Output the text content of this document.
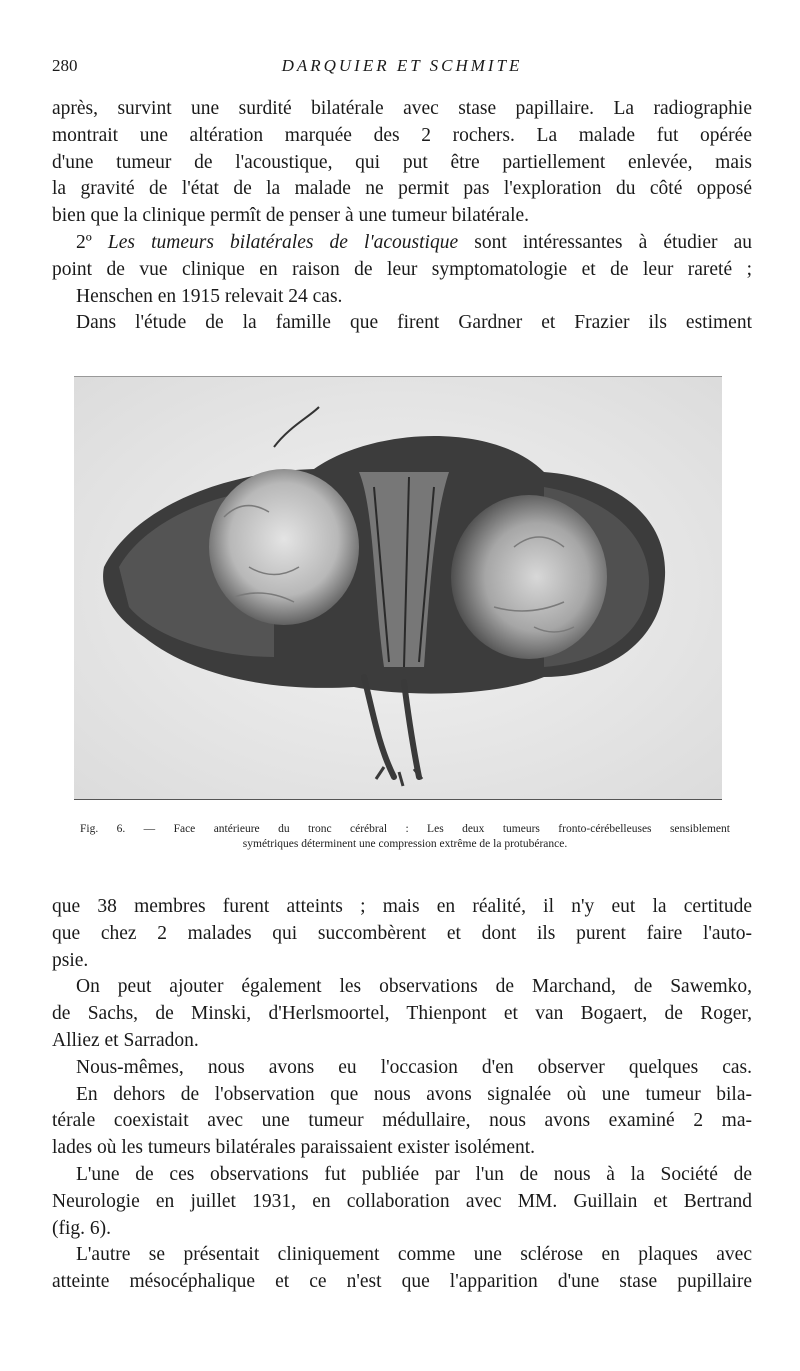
280	DARQUIER ET SCHMITE
après, survint une surdité bilatérale avec stase papillaire. La radiographie
montrait une altération marquée des 2 rochers. La malade fut opérée
d'une tumeur de l'acoustique, qui put être partiellement enlevée, mais
la gravité de l'état de la malade ne permit pas l'exploration du côté opposé
bien que la clinique permît de penser à une tumeur bilatérale.
2º Les tumeurs bilatérales de l'acoustique sont intéressantes à étudier au
point de vue clinique en raison de leur symptomatologie et de leur rareté ;
Henschen en 1915 relevait 24 cas.
Dans l'étude de la famille que firent Gardner et Frazier ils estiment
Fig. 6. — Face antérieure du tronc cérébral : Les deux tumeurs fronto-cérébelleuses sensiblement
symétriques déterminent une compression extrême de la protubérance.
que 38 membres furent atteints ; mais en réalité, il n'y eut la certitude
que chez 2 malades qui succombèrent et dont ils purent faire l'auto-
psie.
On peut ajouter également les observations de Marchand, de Sawemko,
de Sachs, de Minski, d'Herlsmoortel, Thienpont et van Bogaert, de Roger,
Alliez et Sarradon.
Nous-mêmes, nous avons eu l'occasion d'en observer quelques cas.
En dehors de l'observation que nous avons signalée où une tumeur bila-
térale coexistait avec une tumeur médullaire, nous avons examiné 2 ma-
lades où les tumeurs bilatérales paraissaient exister isolément.
L'une de ces observations fut publiée par l'un de nous à la Société de
Neurologie en juillet 1931, en collaboration avec MM. Guillain et Bertrand
(fig. 6).
L'autre se présentait cliniquement comme une sclérose en plaques avec
atteinte mésocéphalique et ce n'est que l'apparition d'une stase pupillaire
